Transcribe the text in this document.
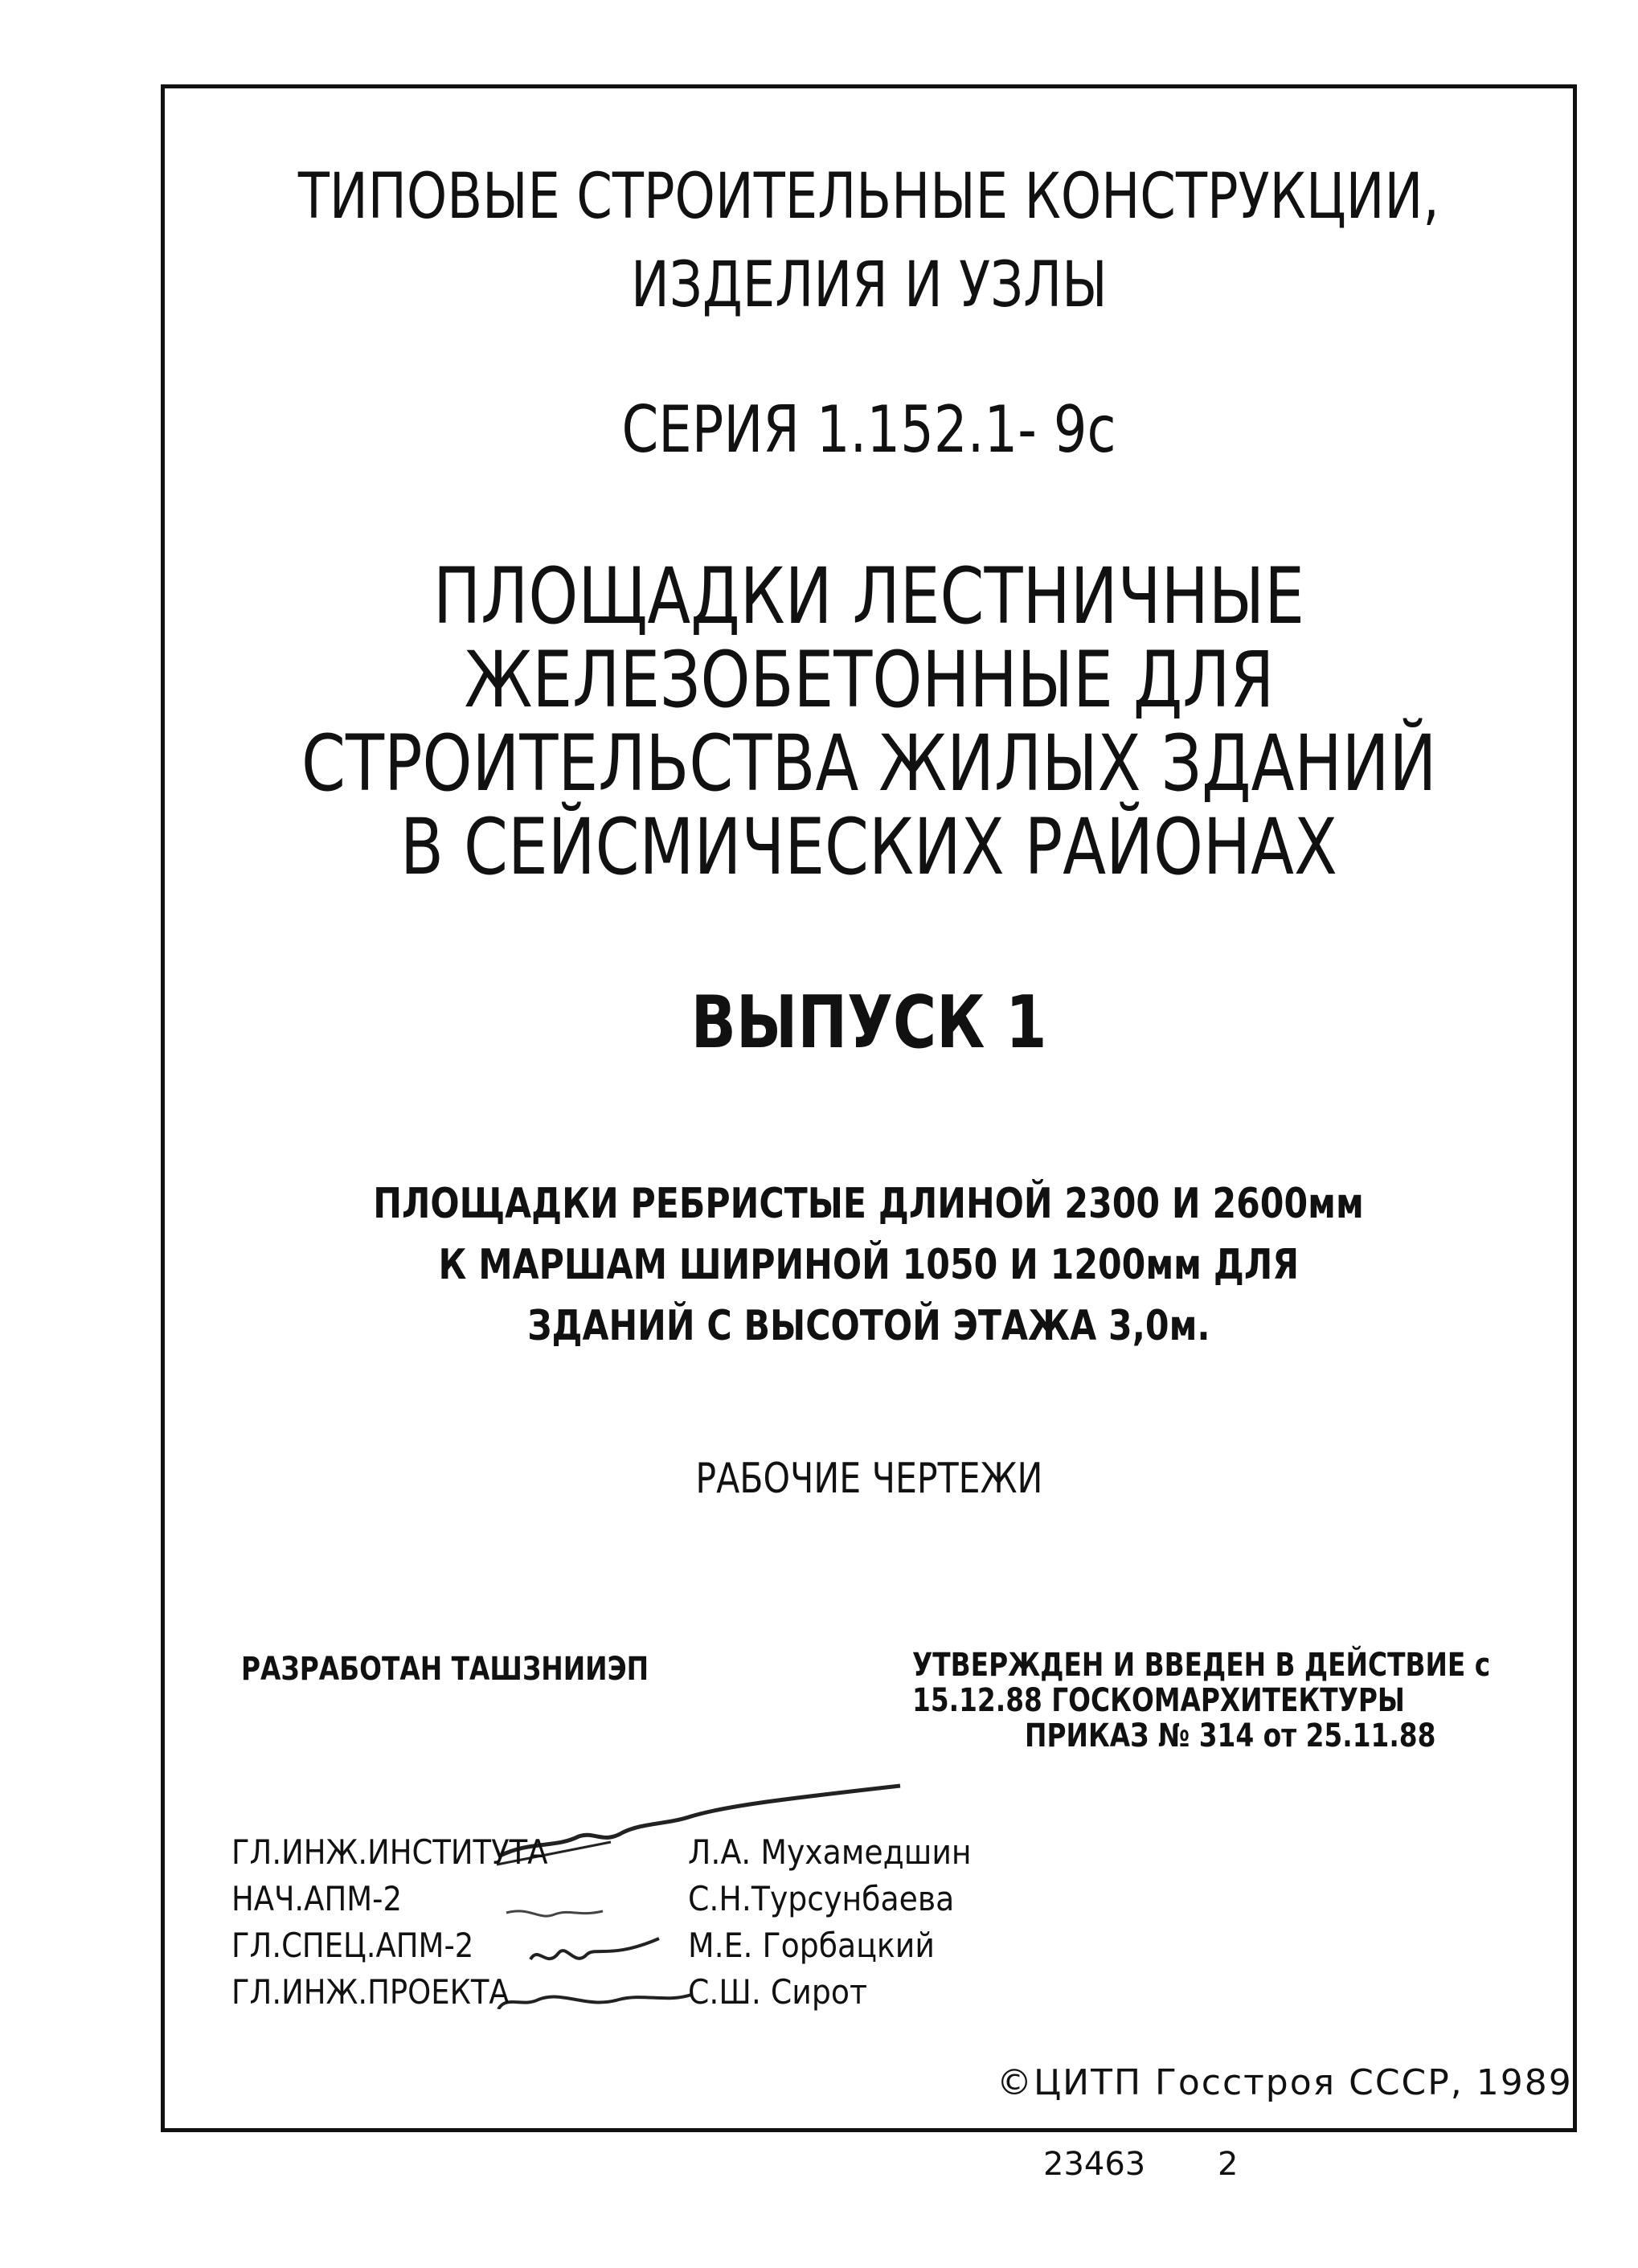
ТИПОВЫЕ СТРОИТЕЛЬНЫЕ КОНСТРУКЦИИ,
ИЗДЕЛИЯ И УЗЛЫ
СЕРИЯ 1.152.1- 9с
ПЛОЩАДКИ ЛЕСТНИЧНЫЕ
ЖЕЛЕЗОБЕТОННЫЕ ДЛЯ
СТРОИТЕЛЬСТВА ЖИЛЫХ ЗДАНИЙ
В СЕЙСМИЧЕСКИХ РАЙОНАХ
ВЫПУСК 1
ПЛОЩАДКИ РЕБРИСТЫЕ ДЛИНОЙ 2300 И 2600мм
К МАРШАМ ШИРИНОЙ 1050 И 1200мм ДЛЯ
ЗДАНИЙ С ВЫСОТОЙ ЭТАЖА 3,0м.
РАБОЧИЕ ЧЕРТЕЖИ
РАЗРАБОТАН ТАШЗНИИЭП	УТВЕРЖДЕН И ВВЕДЕН В ДЕЙСТВИЕ с
15.12.88 ГОСКОМАРХИТЕКТУРЫ
ПРИКАЗ № 314 от 25.11.88
ГЛ.ИНЖ.ИНСТИТУТА	Л.А. Мухамедшин
НАЧ.АПМ-2	С.Н.Турсунбаева
ГЛ.СПЕЦ.АПМ-2	М.Е. Горбацкий
ГЛ.ИНЖ.ПРОЕКТА	С.Ш. Сирот
©ЦИТП Госстроя СССР, 1989
23463 2
